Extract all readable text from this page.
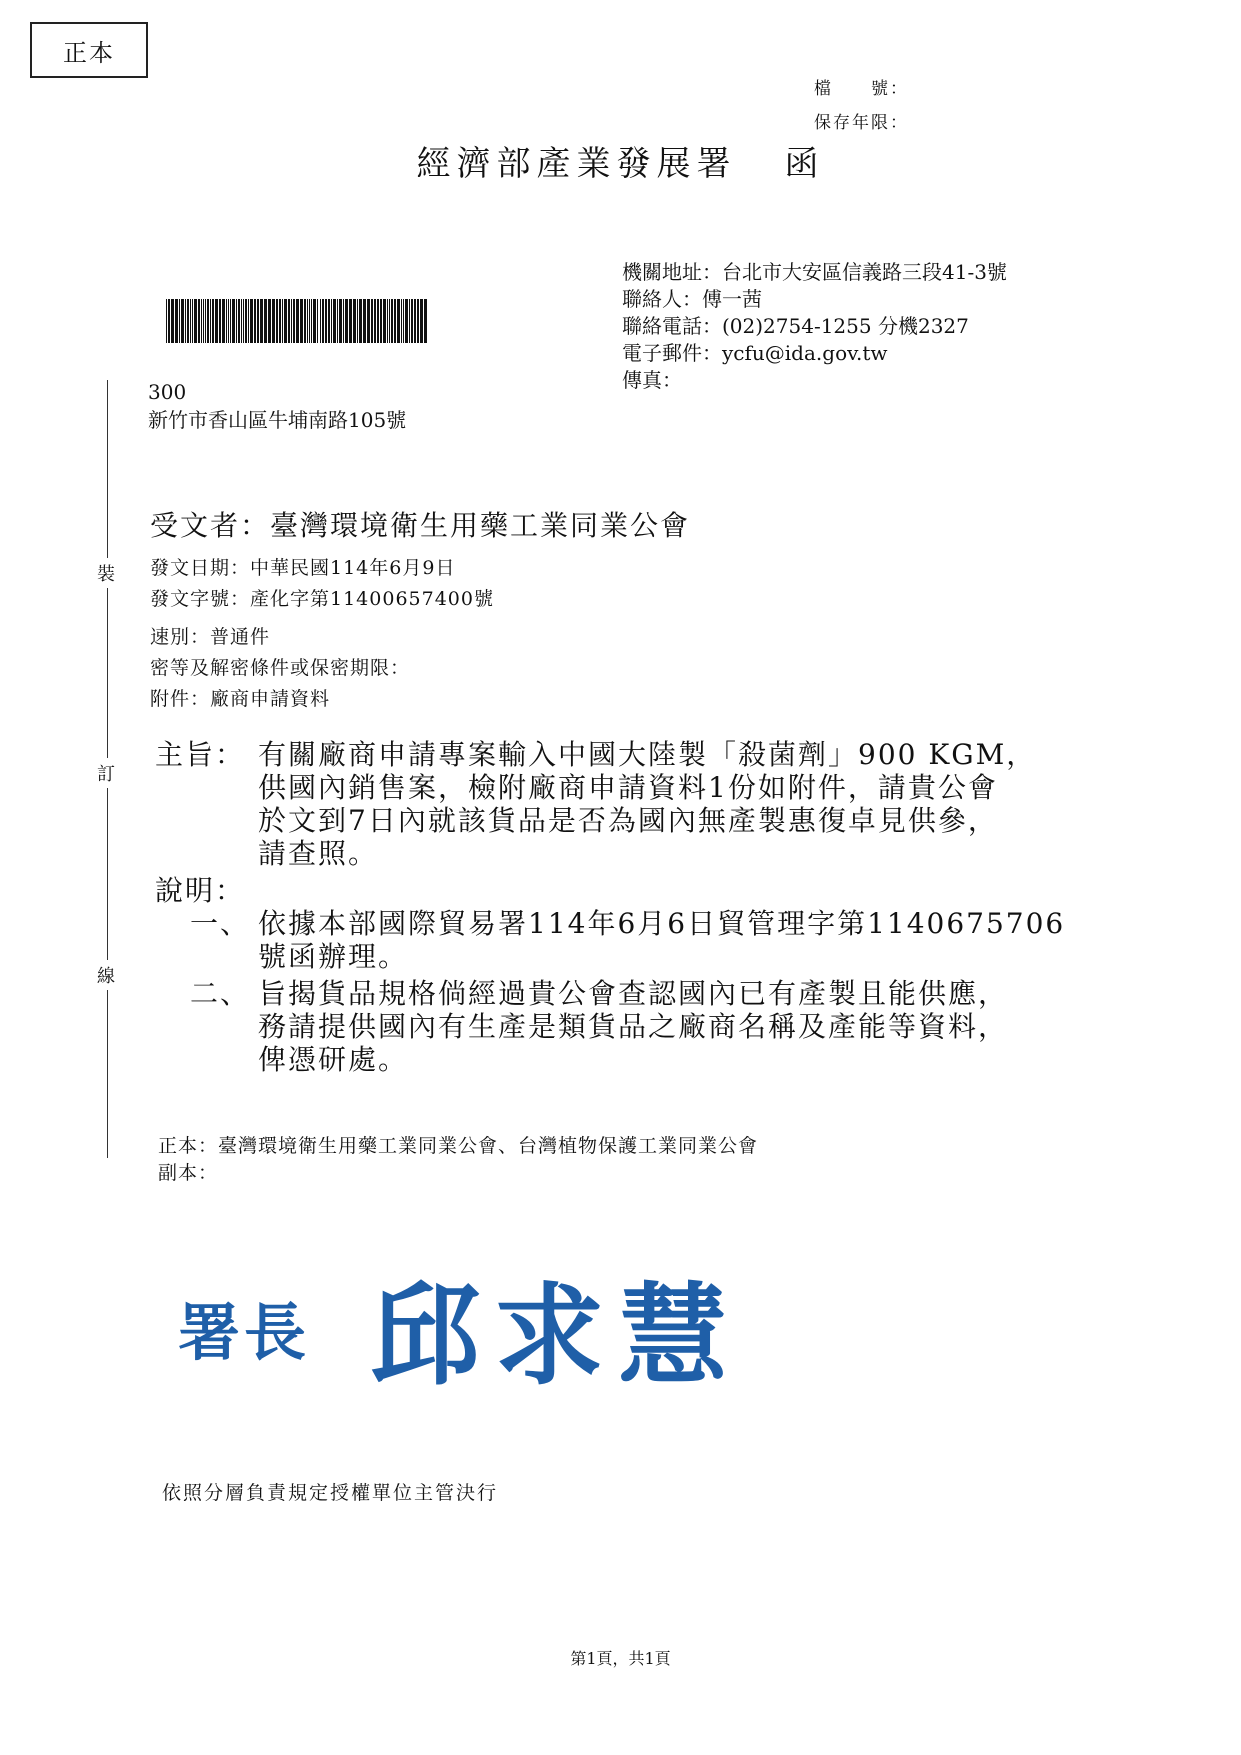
正本
檔　　號：
保存年限：
經濟部產業發展署 函
機關地址：台北市大安區信義路三段41-3號
聯絡人：傅一茜
聯絡電話：(02)2754-1255 分機2327
電子郵件：ycfu@ida.gov.tw
傳真：
300
新竹市香山區牛埔南路105號
裝
訂
線
受文者：臺灣環境衛生用藥工業同業公會
發文日期：中華民國114年6月9日
發文字號：產化字第11400657400號
速別：普通件
密等及解密條件或保密期限：
附件：廠商申請資料
主旨： 有關廠商申請專案輸入中國大陸製「殺菌劑」900 KGM，
供國內銷售案，檢附廠商申請資料1份如附件，請貴公會
於文到7日內就該貨品是否為國內無產製惠復卓見供參，
請查照。
說明：
一、 依據本部國際貿易署114年6月6日貿管理字第1140675706
號函辦理。
二、 旨揭貨品規格倘經過貴公會查認國內已有產製且能供應，
務請提供國內有生產是類貨品之廠商名稱及產能等資料，
俾憑研處。
正本：臺灣環境衛生用藥工業同業公會、台灣植物保護工業同業公會
副本：
署長 邱求慧
依照分層負責規定授權單位主管決行
第1頁，共1頁
